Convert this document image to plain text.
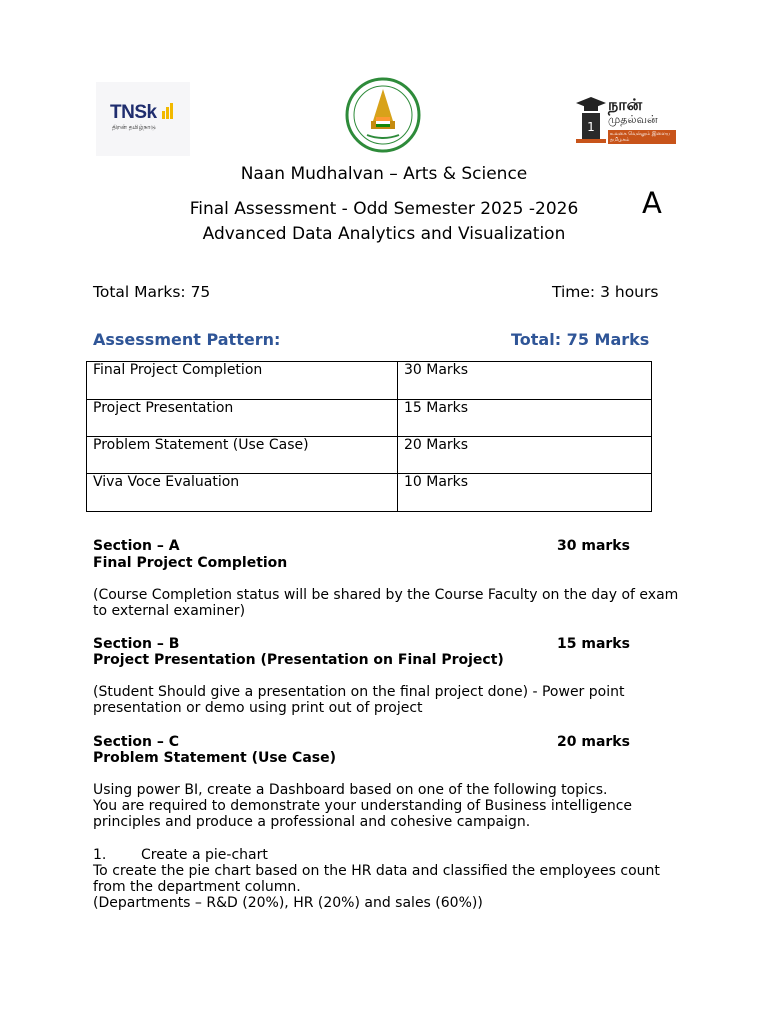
TNSk
திறன் தமிழ்நாடு	1
நான்
முதல்வன்
உலகை வெல்லும் இளைய தமிழகம்
Naan Mudhalvan – Arts & Science
Final Assessment - Odd Semester 2025 -2026
Advanced Data Analytics and Visualization
A
Total Marks: 75	Time: 3 hours
Assessment Pattern:	Total: 75 Marks
Final Project Completion	30 Marks
Project Presentation	15 Marks
Problem Statement (Use Case)	20 Marks
Viva Voce Evaluation	10 Marks
Section – A	30 marks
Final Project Completion
(Course Completion status will be shared by the Course Faculty on the day of exam to external examiner)
Section – B	15 marks
Project Presentation (Presentation on Final Project)
(Student Should give a presentation on the final project done) - Power point presentation or demo using print out of project
Section – C	20 marks
Problem Statement (Use Case)
Using power BI, create a Dashboard based on one of the following topics.
You are required to demonstrate your understanding of Business intelligence principles and produce a professional and cohesive campaign.
1. Create a pie-chart
To create the pie chart based on the HR data and classified the employees count from the department column.
(Departments – R&D (20%), HR (20%) and sales (60%))
